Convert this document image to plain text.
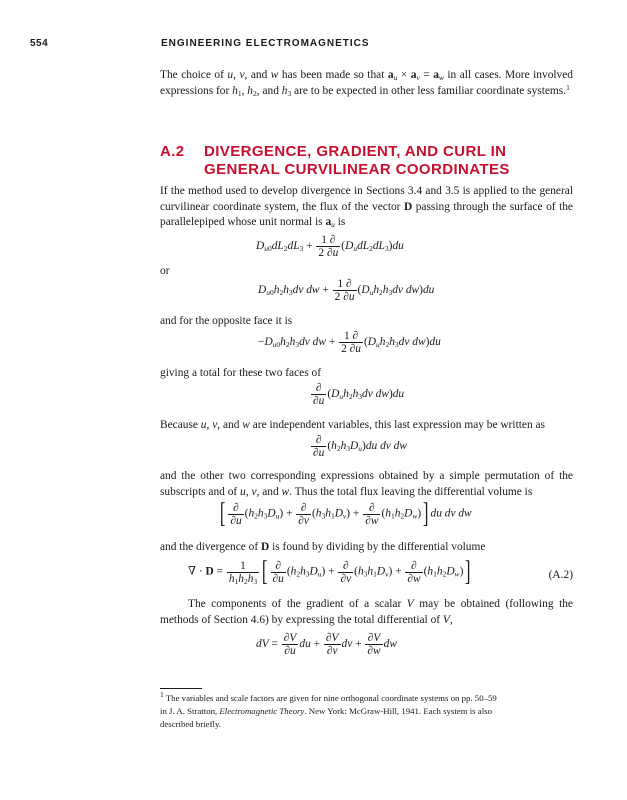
554	ENGINEERING ELECTROMAGNETICS
The choice of u, v, and w has been made so that $a_u \times a_v = a_w$ in all cases. More involved expressions for $h_1$, $h_2$, and $h_3$ are to be expected in other less familiar coordinate systems.$^1$
A.2 DIVERGENCE, GRADIENT, AND CURL IN
GENERAL CURVILINEAR COORDINATES
If the method used to develop divergence in Sections 3.4 and 3.5 is applied to the general curvilinear coordinate system, the flux of the vector D passing through the surface of the parallelepiped whose unit normal is $a_u$ is
$D_{u0}dL_2dL_3 + \frac{1 \partial}{2 \partial u} (D_udL_2dL_3)du$
or
$D_{u0}h_2h_3dv$ dw + $\frac{1 \partial}{2 \partial u} (D_uh_2h_3dv$ dw)du
and for the opposite face it is
$-D_{u0}h_2h_3dv$ dw + $\frac{1 \partial}{2 \partial u} (D_uh_2h_3dv$ dw)du
giving a total for these two faces of
$\frac{\partial}{\partial u} (D_uh_2h_3dv$ dw)du
Because u, v, and w are independent variables, this last expression may be written as
$\frac{\partial}{\partial u} (h_2h_3D_u)du$ dv dw
and the other two corresponding expressions obtained by a simple permutation of the subscripts and of u, v, and w. Thus the total flux leaving the differential volume is
[ $\frac{\partial}{\partial u} (h_2h_3D_u) + \frac{\partial}{\partial v} (h_3h_1D_v) + \frac{\partial}{\partial w} (h_1h_2D_w)$] du dv dw
and the divergence of D is found by dividing by the differential volume
∇ · $D = \frac{1}{h_1h_2h_3}$ [ $\frac{\partial}{\partial u} (h_2h_3D_u) + \frac{\partial}{\partial v} (h_3h_1D_v) + \frac{\partial}{\partial w} (h_1h_2D_w)$]	(A.2)
The components of the gradient of a scalar V may be obtained (following the methods of Section 4.6) by expressing the total differential of V,
dV = $\frac{\partial V}{\partial u}$ du + $\frac{\partial V}{\partial v}$ dv + $\frac{\partial V}{\partial w}$ dw
$^1$ The variables and scale factors are given for nine orthogonal coordinate systems on pp. 50–59
in J. A. Stratton, Electromagnetic Theory. New York: McGraw-Hill, 1941. Each system is also
described briefly.
